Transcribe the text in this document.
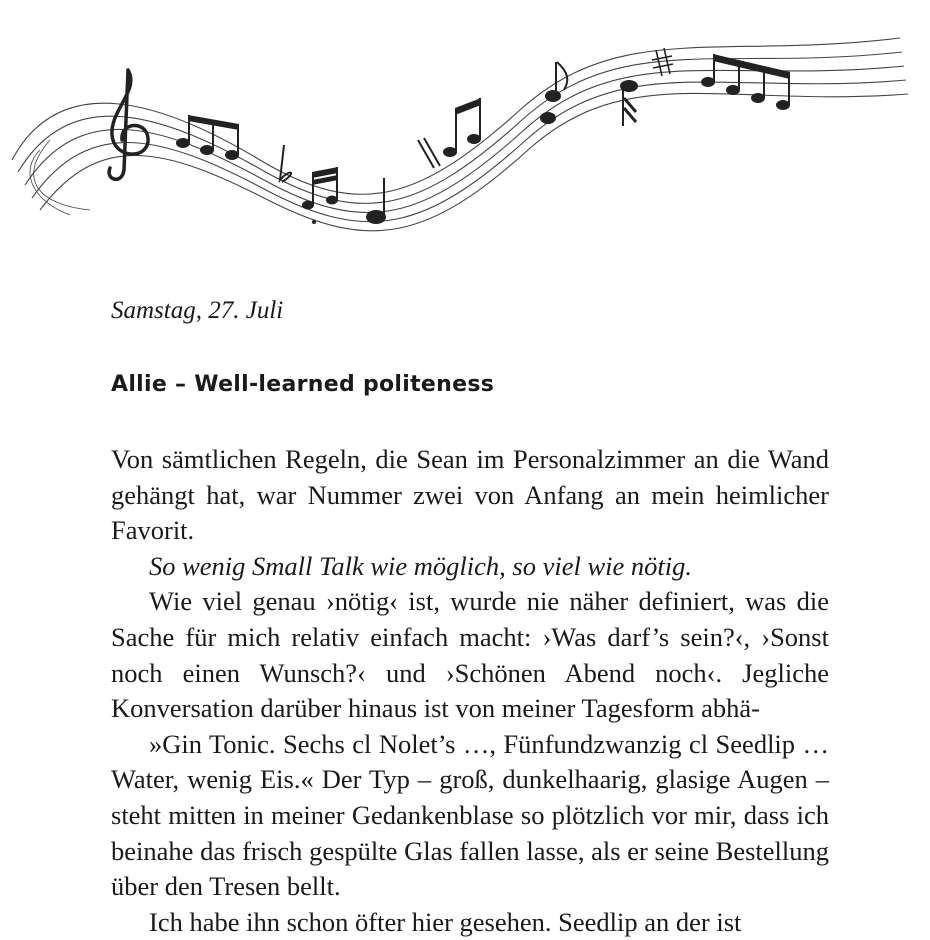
Samstag, 27. Juli
Allie – Well-learned politeness

Von sämtlichen Regeln, die Sean im Personalzimmer an die Wand gehängt hat, war Nummer zwei von Anfang an mein heimlicher Favorit.

So wenig Small Talk wie möglich, so viel wie nötig.

Wie viel genau ›nötig‹ ist, wurde nie näher definiert, was die Sache für mich relativ einfach macht: ›Was darf’s sein?‹, ›Sonst noch einen Wunsch?‹ und ›Schönen Abend noch‹. Jegliche Konversation darüber hinaus ist von meiner Tagesform abhä-

»Gin Tonic. Sechs cl Nolet’s …, Fünfundzwanzig cl Seedlip … Water, wenig Eis.« Der Typ – groß, dunkelhaarig, glasige Augen – steht mitten in meiner Gedankenblase so plötzlich vor mir, dass ich beinahe das frisch gespülte Glas fallen lasse, als er seine Bestellung über den Tresen bellt.

Ich habe ihn schon öfter hier gesehen. Seedlip an der ist
